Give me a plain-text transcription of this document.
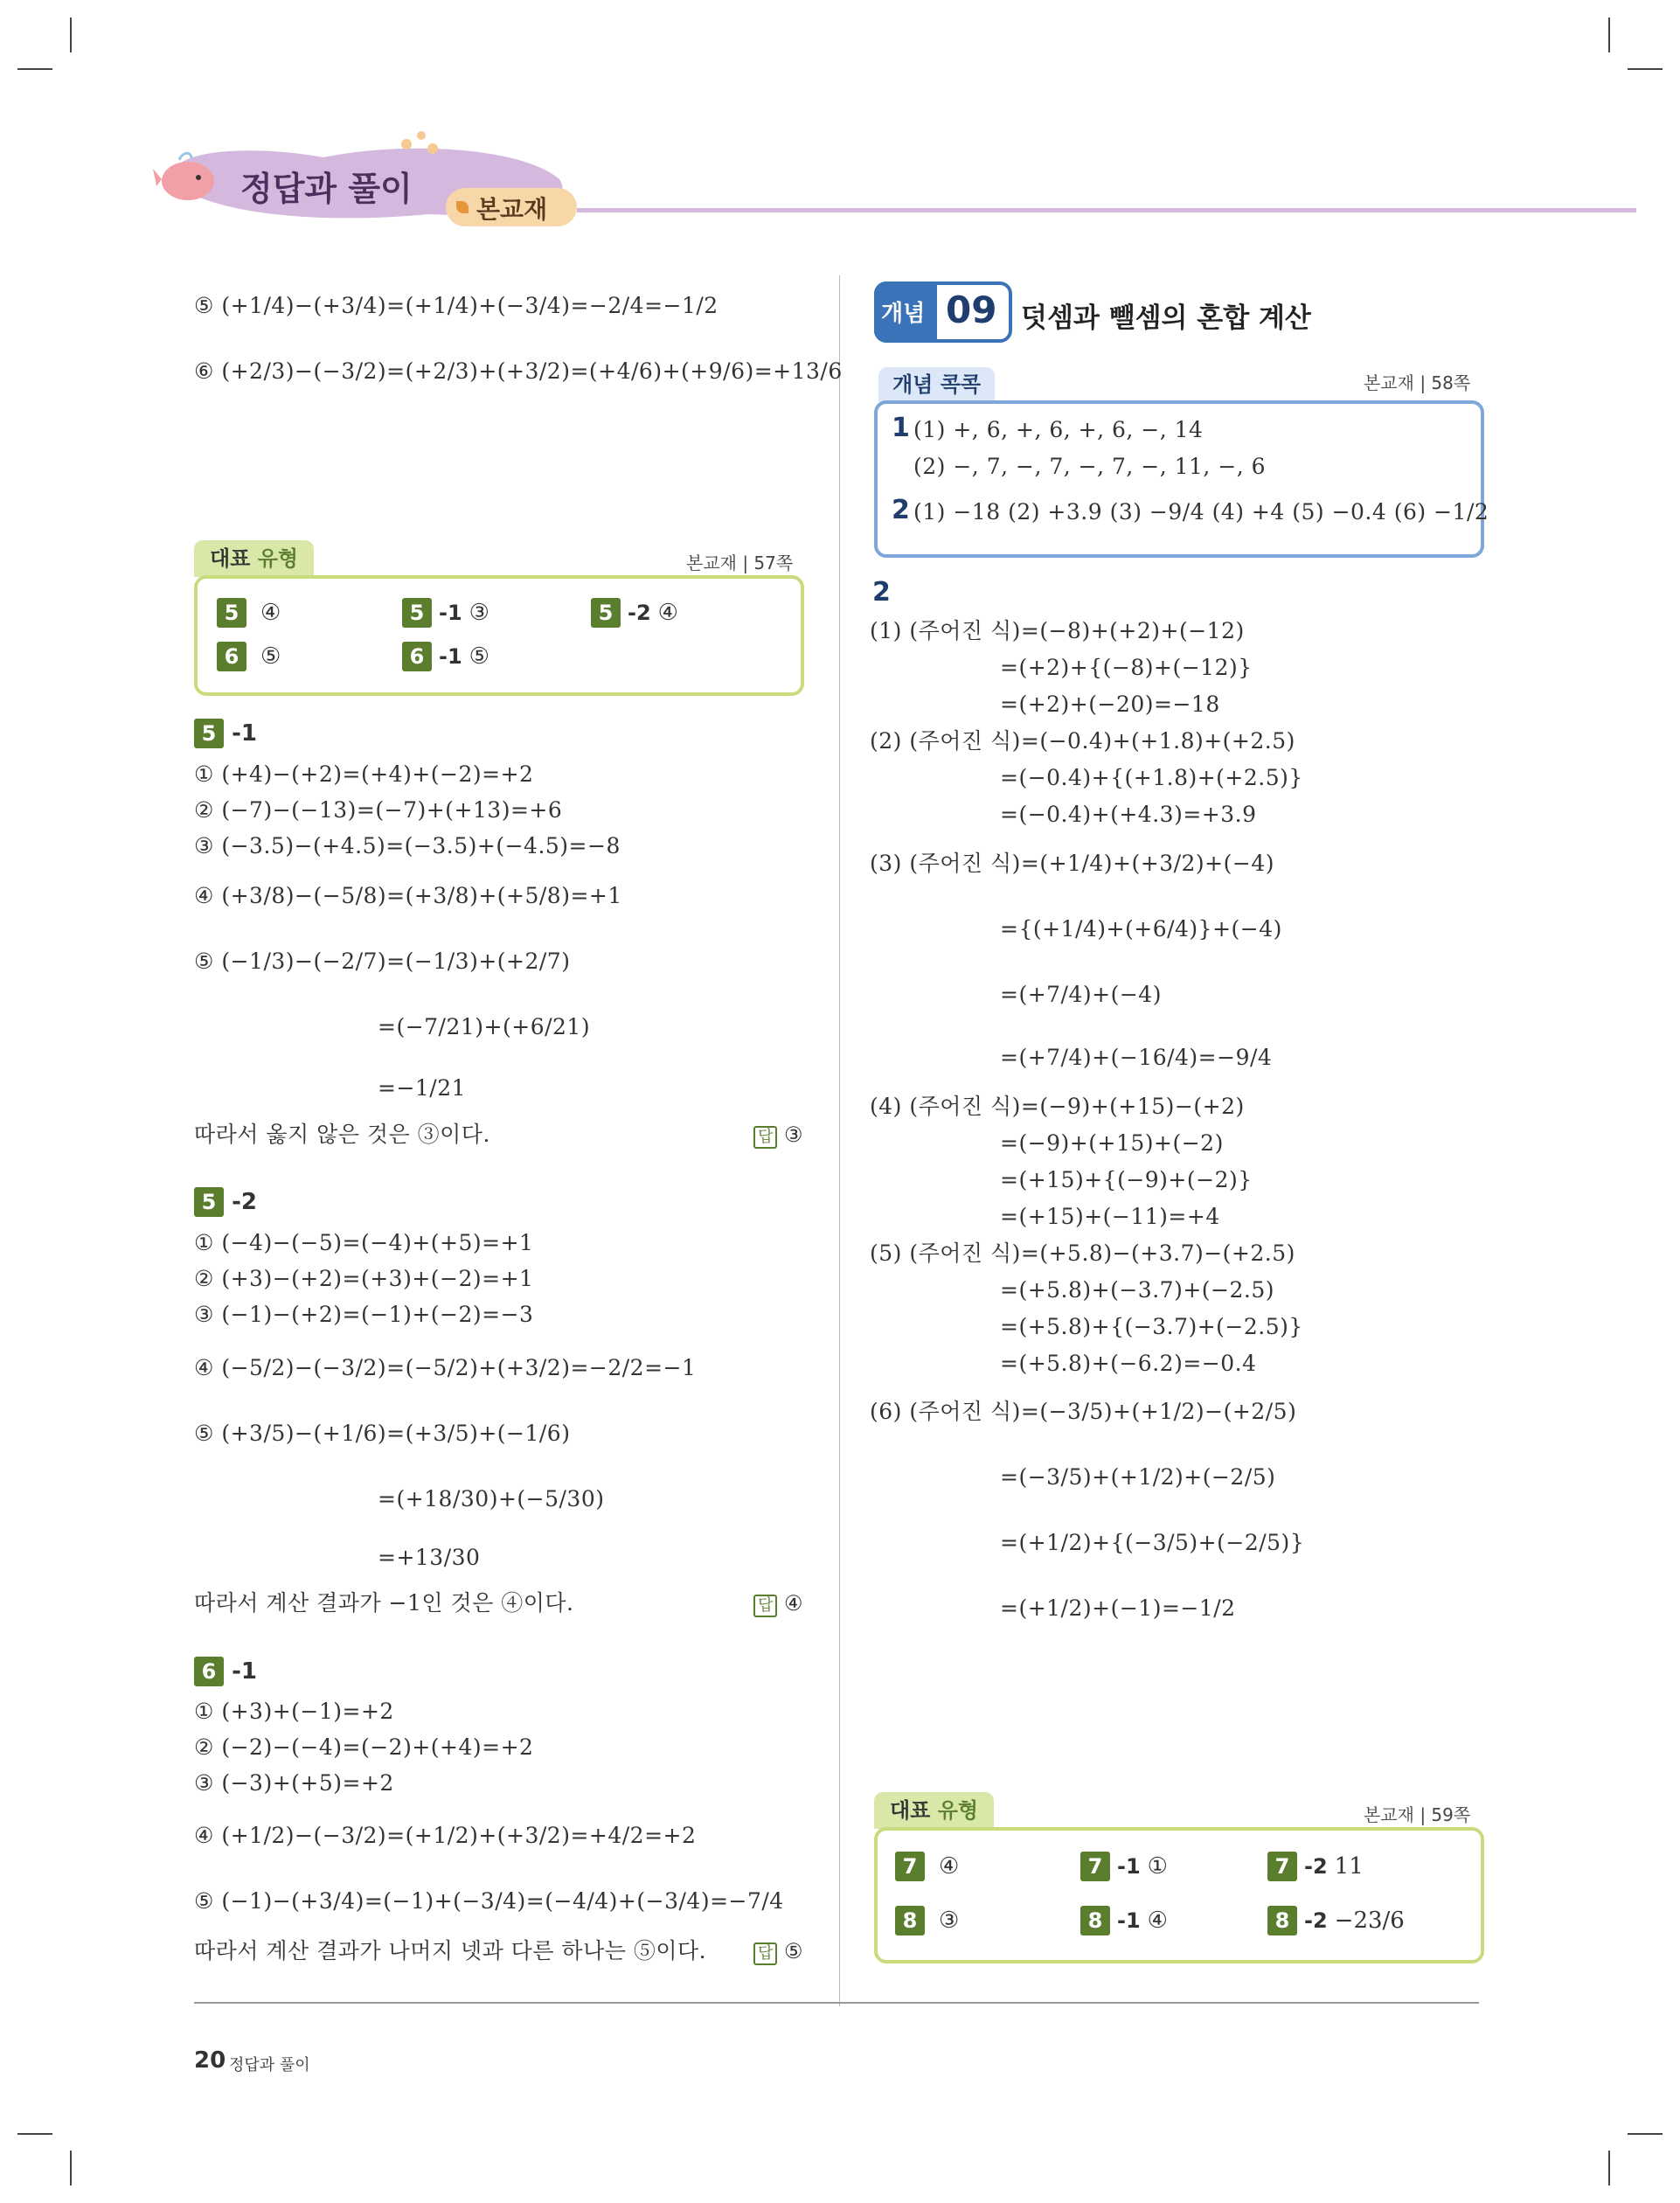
정답과 풀이
본교재
⑤ (+1/4)−(+3/4)=(+1/4)+(−3/4)=−2/4=−1/2
⑥ (+2/3)−(−3/2)=(+2/3)+(+3/2)=(+4/6)+(+9/6)=+13/6
대표 유형	본교재 | 57쪽
5 ④	5 -1 ③	5 -2 ④
6 ⑤	6 -1 ⑤
5 -1
① (+4)−(+2)=(+4)+(−2)=+2
② (−7)−(−13)=(−7)+(+13)=+6
③ (−3.5)−(+4.5)=(−3.5)+(−4.5)=−8
④ (+3/8)−(−5/8)=(+3/8)+(+5/8)=+1
⑤ (−1/3)−(−2/7)=(−1/3)+(+2/7)
=(−7/21)+(+6/21)
=−1/21
따라서 옳지 않은 것은 ③이다.	답 ③
5 -2
① (−4)−(−5)=(−4)+(+5)=+1
② (+3)−(+2)=(+3)+(−2)=+1
③ (−1)−(+2)=(−1)+(−2)=−3
④ (−5/2)−(−3/2)=(−5/2)+(+3/2)=−2/2=−1
⑤ (+3/5)−(+1/6)=(+3/5)+(−1/6)
=(+18/30)+(−5/30)
=+13/30
따라서 계산 결과가 −1인 것은 ④이다.	답 ④
6 -1
① (+3)+(−1)=+2
② (−2)−(−4)=(−2)+(+4)=+2
③ (−3)+(+5)=+2
④ (+1/2)−(−3/2)=(+1/2)+(+3/2)=+4/2=+2
⑤ (−1)−(+3/4)=(−1)+(−3/4)=(−4/4)+(−3/4)=−7/4
따라서 계산 결과가 나머지 넷과 다른 하나는 ⑤이다.	답 ⑤
개념 09 덧셈과 뺄셈의 혼합 계산
개념 콕콕	본교재 | 58쪽
1 (1) +, 6, +, 6, +, 6, −, 14
(2) −, 7, −, 7, −, 7, −, 11, −, 6
2 (1) −18 (2) +3.9 (3) −9/4 (4) +4 (5) −0.4 (6) −1/2
2
(1) (주어진 식)=(−8)+(+2)+(−12)
=(+2)+{(−8)+(−12)}
=(+2)+(−20)=−18
(2) (주어진 식)=(−0.4)+(+1.8)+(+2.5)
=(−0.4)+{(+1.8)+(+2.5)}
=(−0.4)+(+4.3)=+3.9
(3) (주어진 식)=(+1/4)+(+3/2)+(−4)
={(+1/4)+(+6/4)}+(−4)
=(+7/4)+(−4)
=(+7/4)+(−16/4)=−9/4
(4) (주어진 식)=(−9)+(+15)−(+2)
=(−9)+(+15)+(−2)
=(+15)+{(−9)+(−2)}
=(+15)+(−11)=+4
(5) (주어진 식)=(+5.8)−(+3.7)−(+2.5)
=(+5.8)+(−3.7)+(−2.5)
=(+5.8)+{(−3.7)+(−2.5)}
=(+5.8)+(−6.2)=−0.4
(6) (주어진 식)=(−3/5)+(+1/2)−(+2/5)
=(−3/5)+(+1/2)+(−2/5)
=(+1/2)+{(−3/5)+(−2/5)}
=(+1/2)+(−1)=−1/2
대표 유형	본교재 | 59쪽
7 ④	7 -1 ①	7 -2 11
8 ③	8 -1 ④	8 -2 −23/6
20 정답과 풀이
